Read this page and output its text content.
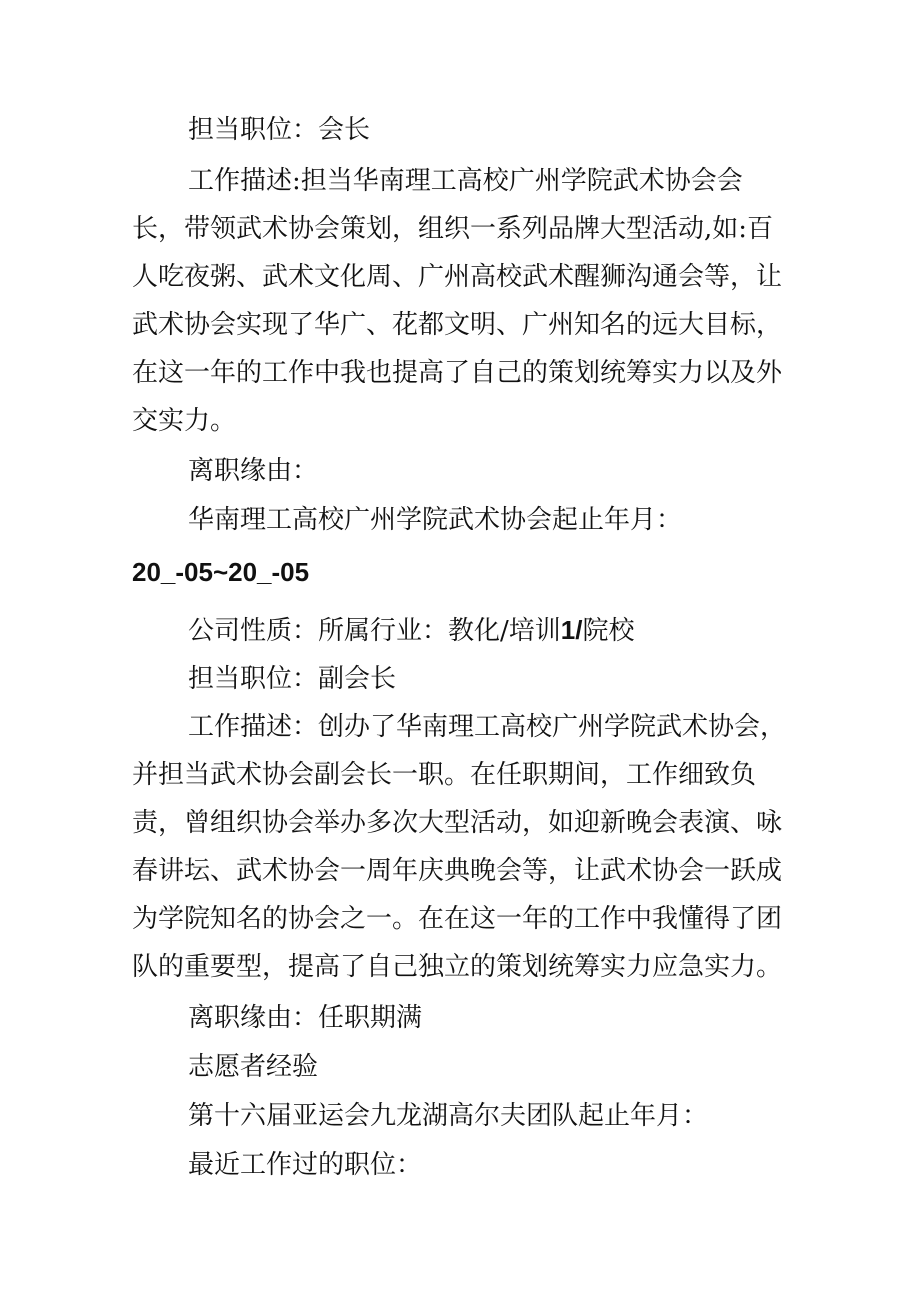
担当职位：会长

工作描述:担当华南理工高校广州学院武术协会会长，带领武术协会策划，组织一系列品牌大型活动,如:百人吃夜粥、武术文化周、广州高校武术醒狮沟通会等，让武术协会实现了华广、花都文明、广州知名的远大目标，在这一年的工作中我也提高了自己的策划统筹实力以及外交实力。

离职缘由：
华南理工高校广州学院武术协会起止年月：
20_-05~20_-05
公司性质：所属行业：教化/培训1/院校
担当职位：副会长

工作描述：创办了华南理工高校广州学院武术协会，并担当武术协会副会长一职。在任职期间，工作细致负责，曾组织协会举办多次大型活动，如迎新晚会表演、咏春讲坛、武术协会一周年庆典晚会等，让武术协会一跃成为学院知名的协会之一。在在这一年的工作中我懂得了团队的重要型，提高了自己独立的策划统筹实力应急实力。

离职缘由：任职期满
志愿者经验
第十六届亚运会九龙湖高尔夫团队起止年月：
最近工作过的职位：
